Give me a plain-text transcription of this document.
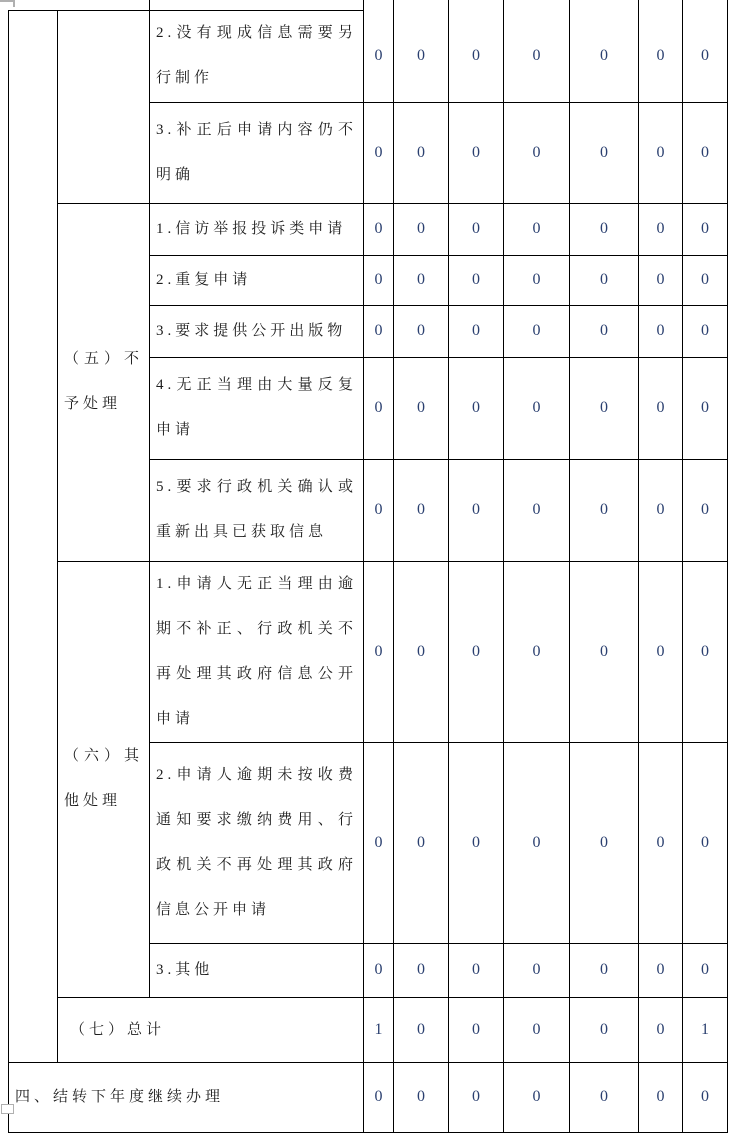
		2.没有现成信息需要另行制作	0	0	0	0	0	0	0
		3.补正后申请内容仍不明确	0	0	0	0	0	0	0
	（五）不予处理	1.信访举报投诉类申请	0	0	0	0	0	0	0
		2.重复申请	0	0	0	0	0	0	0
		3.要求提供公开出版物	0	0	0	0	0	0	0
		4.无正当理由大量反复申请	0	0	0	0	0	0	0
		5.要求行政机关确认或重新出具已获取信息	0	0	0	0	0	0	0
	（六）其他处理	1.申请人无正当理由逾期不补正、行政机关不再处理其政府信息公开申请	0	0	0	0	0	0	0
		2.申请人逾期未按收费通知要求缴纳费用、行政机关不再处理其政府信息公开申请	0	0	0	0	0	0	0
		3.其他	0	0	0	0	0	0	0
	（七）总计		1	0	0	0	0	0	1
四、结转下年度继续办理			0	0	0	0	0	0	0
